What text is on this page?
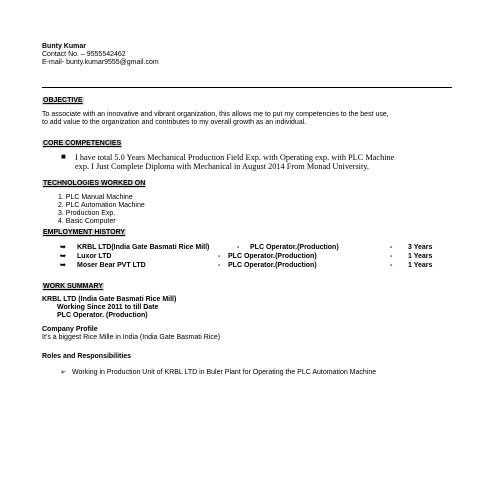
Bunty Kumar
Contact No. – 9555542462
E-mail- bunty.kumar9555@gmail.com
OBJECTIVE
To associate with an innovative and vibrant organization, this allows me to put my competencies to the best use,
to add value to the organization and contributes to my overall growth as an individual.
CORE COMPETENCIES
■ I have total 5.0 Years Mechanical Production Field Exp. with Operating exp. with PLC Machine
exp. I Just Complete Diploma with Mechanical in August 2014 From Monad University.
TECHNOLOGIES WORKED ON
1. PLC Manual Machine
2. PLC Automation Machine
3. Production Exp.
4. Basic Computer
EMPLOYMENT HISTORY
➥ KRBL LTD(India Gate Basmati Rice Mill)	- PLC Operator.(Production)	- 3 Years
➥ Luxor LTD	- PLC Operator.(Production)	- 1 Years
➥ Moser Bear PVT LTD	- PLC Operator.(Production)	- 1 Years
WORK SUMMARY
KRBL LTD (India Gate Basmati Rice Mill)
Working Since 2011 to till Date
PLC Operator. (Production)
Company Profile
It’s a biggest Rice Mille in India (India Gate Basmati Rice)
Roles and Responsibilities
➢ Working in Production Unit of KRBL LTD in Buler Plant for Operating the PLC Automation Machine
